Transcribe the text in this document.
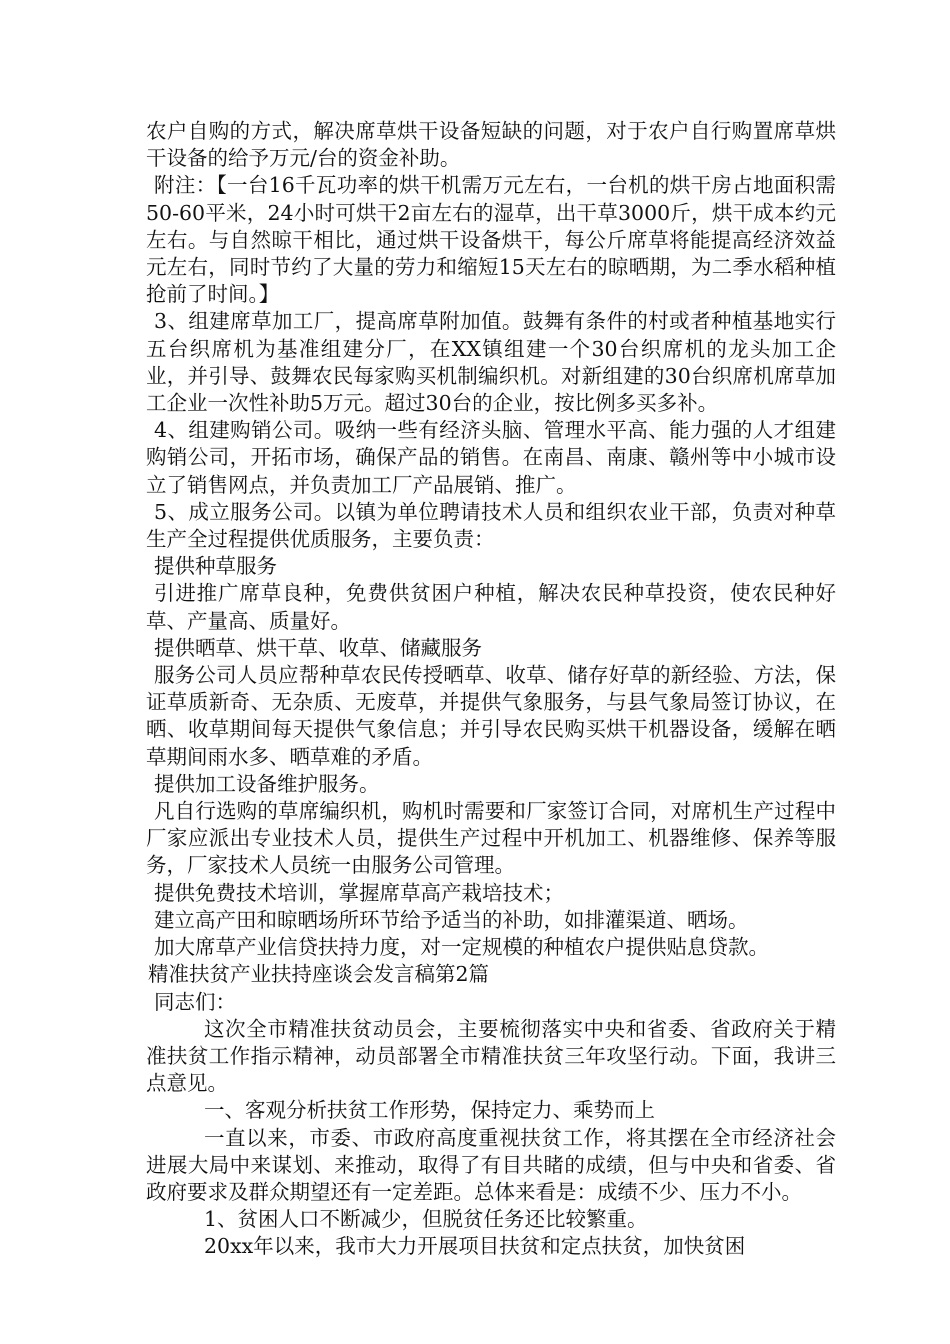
农户自购的方式，解决席草烘干设备短缺的问题，对于农户自行购置席草烘干设备的给予万元/台的资金补助。

附注：【一台16千瓦功率的烘干机需万元左右，一台机的烘干房占地面积需50-60平米，24小时可烘干2亩左右的湿草，出干草3000斤，烘干成本约元左右。与自然晾干相比，通过烘干设备烘干，每公斤席草将能提高经济效益元左右，同时节约了大量的劳力和缩短15天左右的晾晒期，为二季水稻种植抢前了时间。】

3、组建席草加工厂，提高席草附加值。鼓舞有条件的村或者种植基地实行五台织席机为基准组建分厂，在XX镇组建一个30台织席机的龙头加工企业，并引导、鼓舞农民每家购买机制编织机。对新组建的30台织席机席草加工企业一次性补助5万元。超过30台的企业，按比例多买多补。

4、组建购销公司。吸纳一些有经济头脑、管理水平高、能力强的人才组建购销公司，开拓市场，确保产品的销售。在南昌、南康、赣州等中小城市设立了销售网点，并负责加工厂产品展销、推广。

5、成立服务公司。以镇为单位聘请技术人员和组织农业干部，负责对种草生产全过程提供优质服务，主要负责：

提供种草服务

引进推广席草良种，免费供贫困户种植，解决农民种草投资，使农民种好草、产量高、质量好。

提供晒草、烘干草、收草、储藏服务

服务公司人员应帮种草农民传授晒草、收草、储存好草的新经验、方法，保证草质新奇、无杂质、无废草，并提供气象服务，与县气象局签订协议，在晒、收草期间每天提供气象信息；并引导农民购买烘干机器设备，缓解在晒草期间雨水多、晒草难的矛盾。

提供加工设备维护服务。

凡自行选购的草席编织机，购机时需要和厂家签订合同，对席机生产过程中厂家应派出专业技术人员，提供生产过程中开机加工、机器维修、保养等服务，厂家技术人员统一由服务公司管理。

提供免费技术培训，掌握席草高产栽培技术；

建立高产田和晾晒场所环节给予适当的补助，如排灌渠道、晒场。

加大席草产业信贷扶持力度，对一定规模的种植农户提供贴息贷款。

精准扶贫产业扶持座谈会发言稿第2篇

同志们：

这次全市精准扶贫动员会，主要梳彻落实中央和省委、省政府关于精准扶贫工作指示精神，动员部署全市精准扶贫三年攻坚行动。下面，我讲三点意见。

一、客观分析扶贫工作形势，保持定力、乘势而上

一直以来，市委、市政府高度重视扶贫工作，将其摆在全市经济社会进展大局中来谋划、来推动，取得了有目共睹的成绩，但与中央和省委、省政府要求及群众期望还有一定差距。总体来看是：成绩不少、压力不小。

1、贫困人口不断减少，但脱贫任务还比较繁重。

20xx年以来，我市大力开展项目扶贫和定点扶贫，加快贫困
